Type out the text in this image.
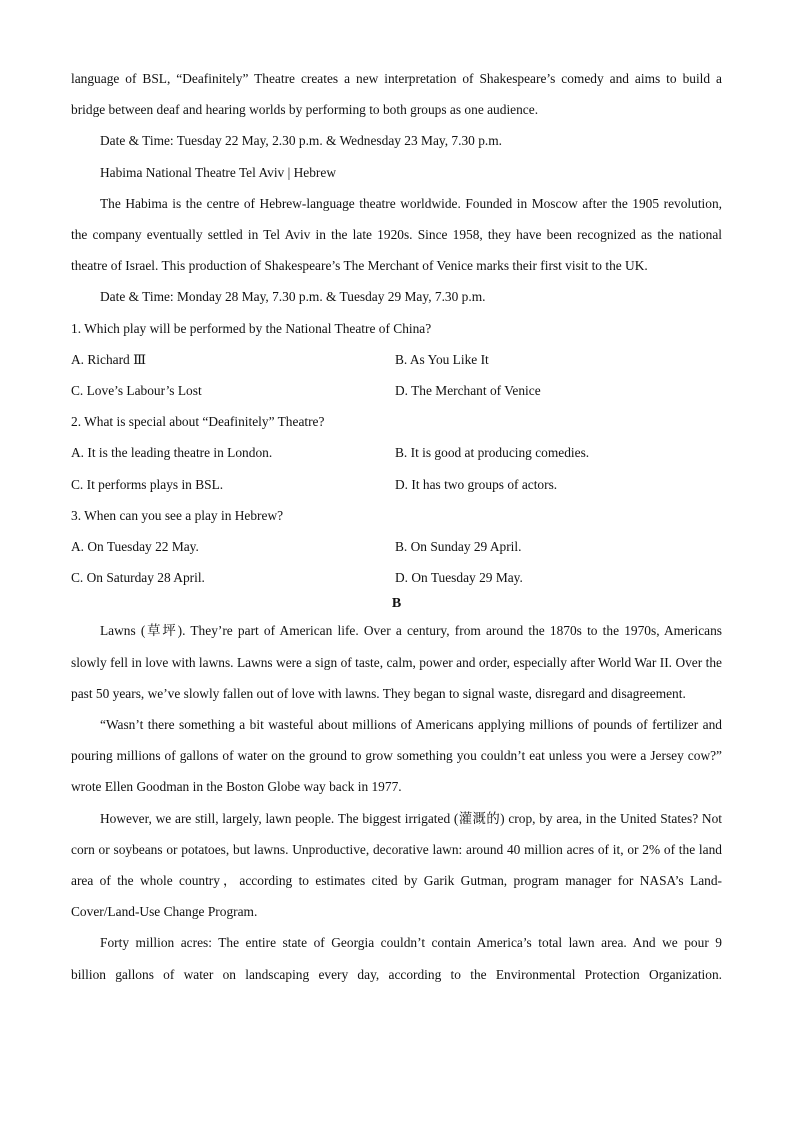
language of BSL, “Deafinitely” Theatre creates a new interpretation of Shakespeare’s comedy and aims to build a

bridge between deaf and hearing worlds by performing to both groups as one audience.

Date & Time: Tuesday 22 May, 2.30 p.m. & Wednesday 23 May, 7.30 p.m.

Habima National Theatre Tel Aviv | Hebrew

The Habima is the centre of Hebrew-language theatre worldwide. Founded in Moscow after the 1905 revolution, the company eventually settled in Tel Aviv in the late 1920s. Since 1958, they have been recognized as the national theatre of Israel. This production of Shakespeare’s The Merchant of Venice marks their first visit to the UK.

Date & Time: Monday 28 May, 7.30 p.m. & Tuesday 29 May, 7.30 p.m.

1. Which play will be performed by the National Theatre of China?

A. Richard Ⅲ	B. As You Like It
C. Love’s Labour’s Lost	D. The Merchant of Venice

2. What is special about “Deafinitely” Theatre?

A. It is the leading theatre in London.	B. It is good at producing comedies.
C. It performs plays in BSL.	D. It has two groups of actors.

3. When can you see a play in Hebrew?

A. On Tuesday 22 May.	B. On Sunday 29 April.
C. On Saturday 28 April.	D. On Tuesday 29 May.

B

Lawns (草坪). They’re part of American life. Over a century, from around the 1870s to the 1970s, Americans slowly fell in love with lawns. Lawns were a sign of taste, calm, power and order, especially after World War II. Over the past 50 years, we’ve slowly fallen out of love with lawns. They began to signal waste, disregard and disagreement.

“Wasn’t there something a bit wasteful about millions of Americans applying millions of pounds of fertilizer and pouring millions of gallons of water on the ground to grow something you couldn’t eat unless you were a Jersey cow?” wrote Ellen Goodman in the Boston Globe way back in 1977.

However, we are still, largely, lawn people. The biggest irrigated (灌溉的) crop, by area, in the United States? Not corn or soybeans or potatoes, but lawns. Unproductive, decorative lawn: around 40 million acres of it, or 2% of the land area of the whole country，according to estimates cited by Garik Gutman, program manager for NASA’s Land-Cover/Land-Use Change Program.

Forty million acres: The entire state of Georgia couldn’t contain America’s total lawn area. And we pour 9

billion gallons of water on landscaping every day, according to the Environmental Protection Organization.
